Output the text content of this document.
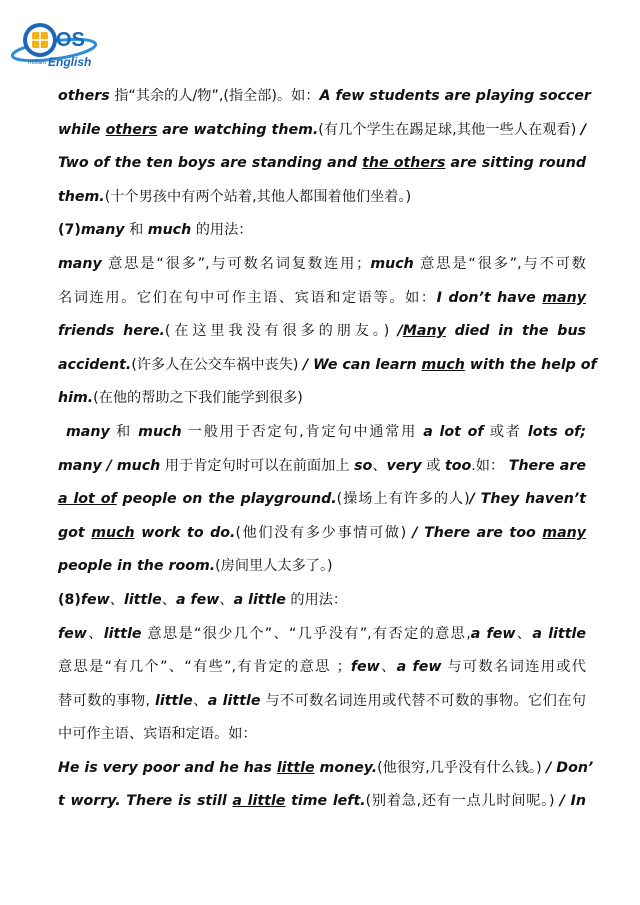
OS
Instant English
others 指“其余的人/物”,(指全部)。如：A few students are playing soccer
while others are watching them.(有几个学生在踢足球,其他一些人在观看) /
Two of the ten boys are standing and the others are sitting round
them.(十个男孩中有两个站着,其他人都围着他们坐着。)
(7)many 和 much 的用法：
many 意思是“很多”,与可数名词复数连用；much 意思是“很多”,与不可数
名词连用。它们在句中可作主语、宾语和定语等。如：I don’t have many
friends here.(在这里我没有很多的朋友。) /Many died in the bus
accident.(许多人在公交车祸中丧失) / We can learn much with the help of
him.(在他的帮助之下我们能学到很多)
many 和 much 一般用于否定句,肯定句中通常用 a lot of 或者 lots of;
many / much 用于肯定句时可以在前面加上 so、very 或 too.如： There are
a lot of people on the playground.(操场上有许多的人)/ They haven’t
got much work to do.(他们没有多少事情可做) / There are too many
people in the room.(房间里人太多了。)
(8)few、little、a few、a little 的用法：
few、little 意思是“很少几个”、“几乎没有”,有否定的意思,a few、a little
意思是“有几个”、“有些”,有肯定的意思 ；few、a few 与可数名词连用或代
替可数的事物, little、a little 与不可数名词连用或代替不可数的事物。它们在句
中可作主语、宾语和定语。如：
He is very poor and he has little money.(他很穷,几乎没有什么钱。) / Don’
t worry. There is still a little time left.(别着急,还有一点儿时间呢。) / In
